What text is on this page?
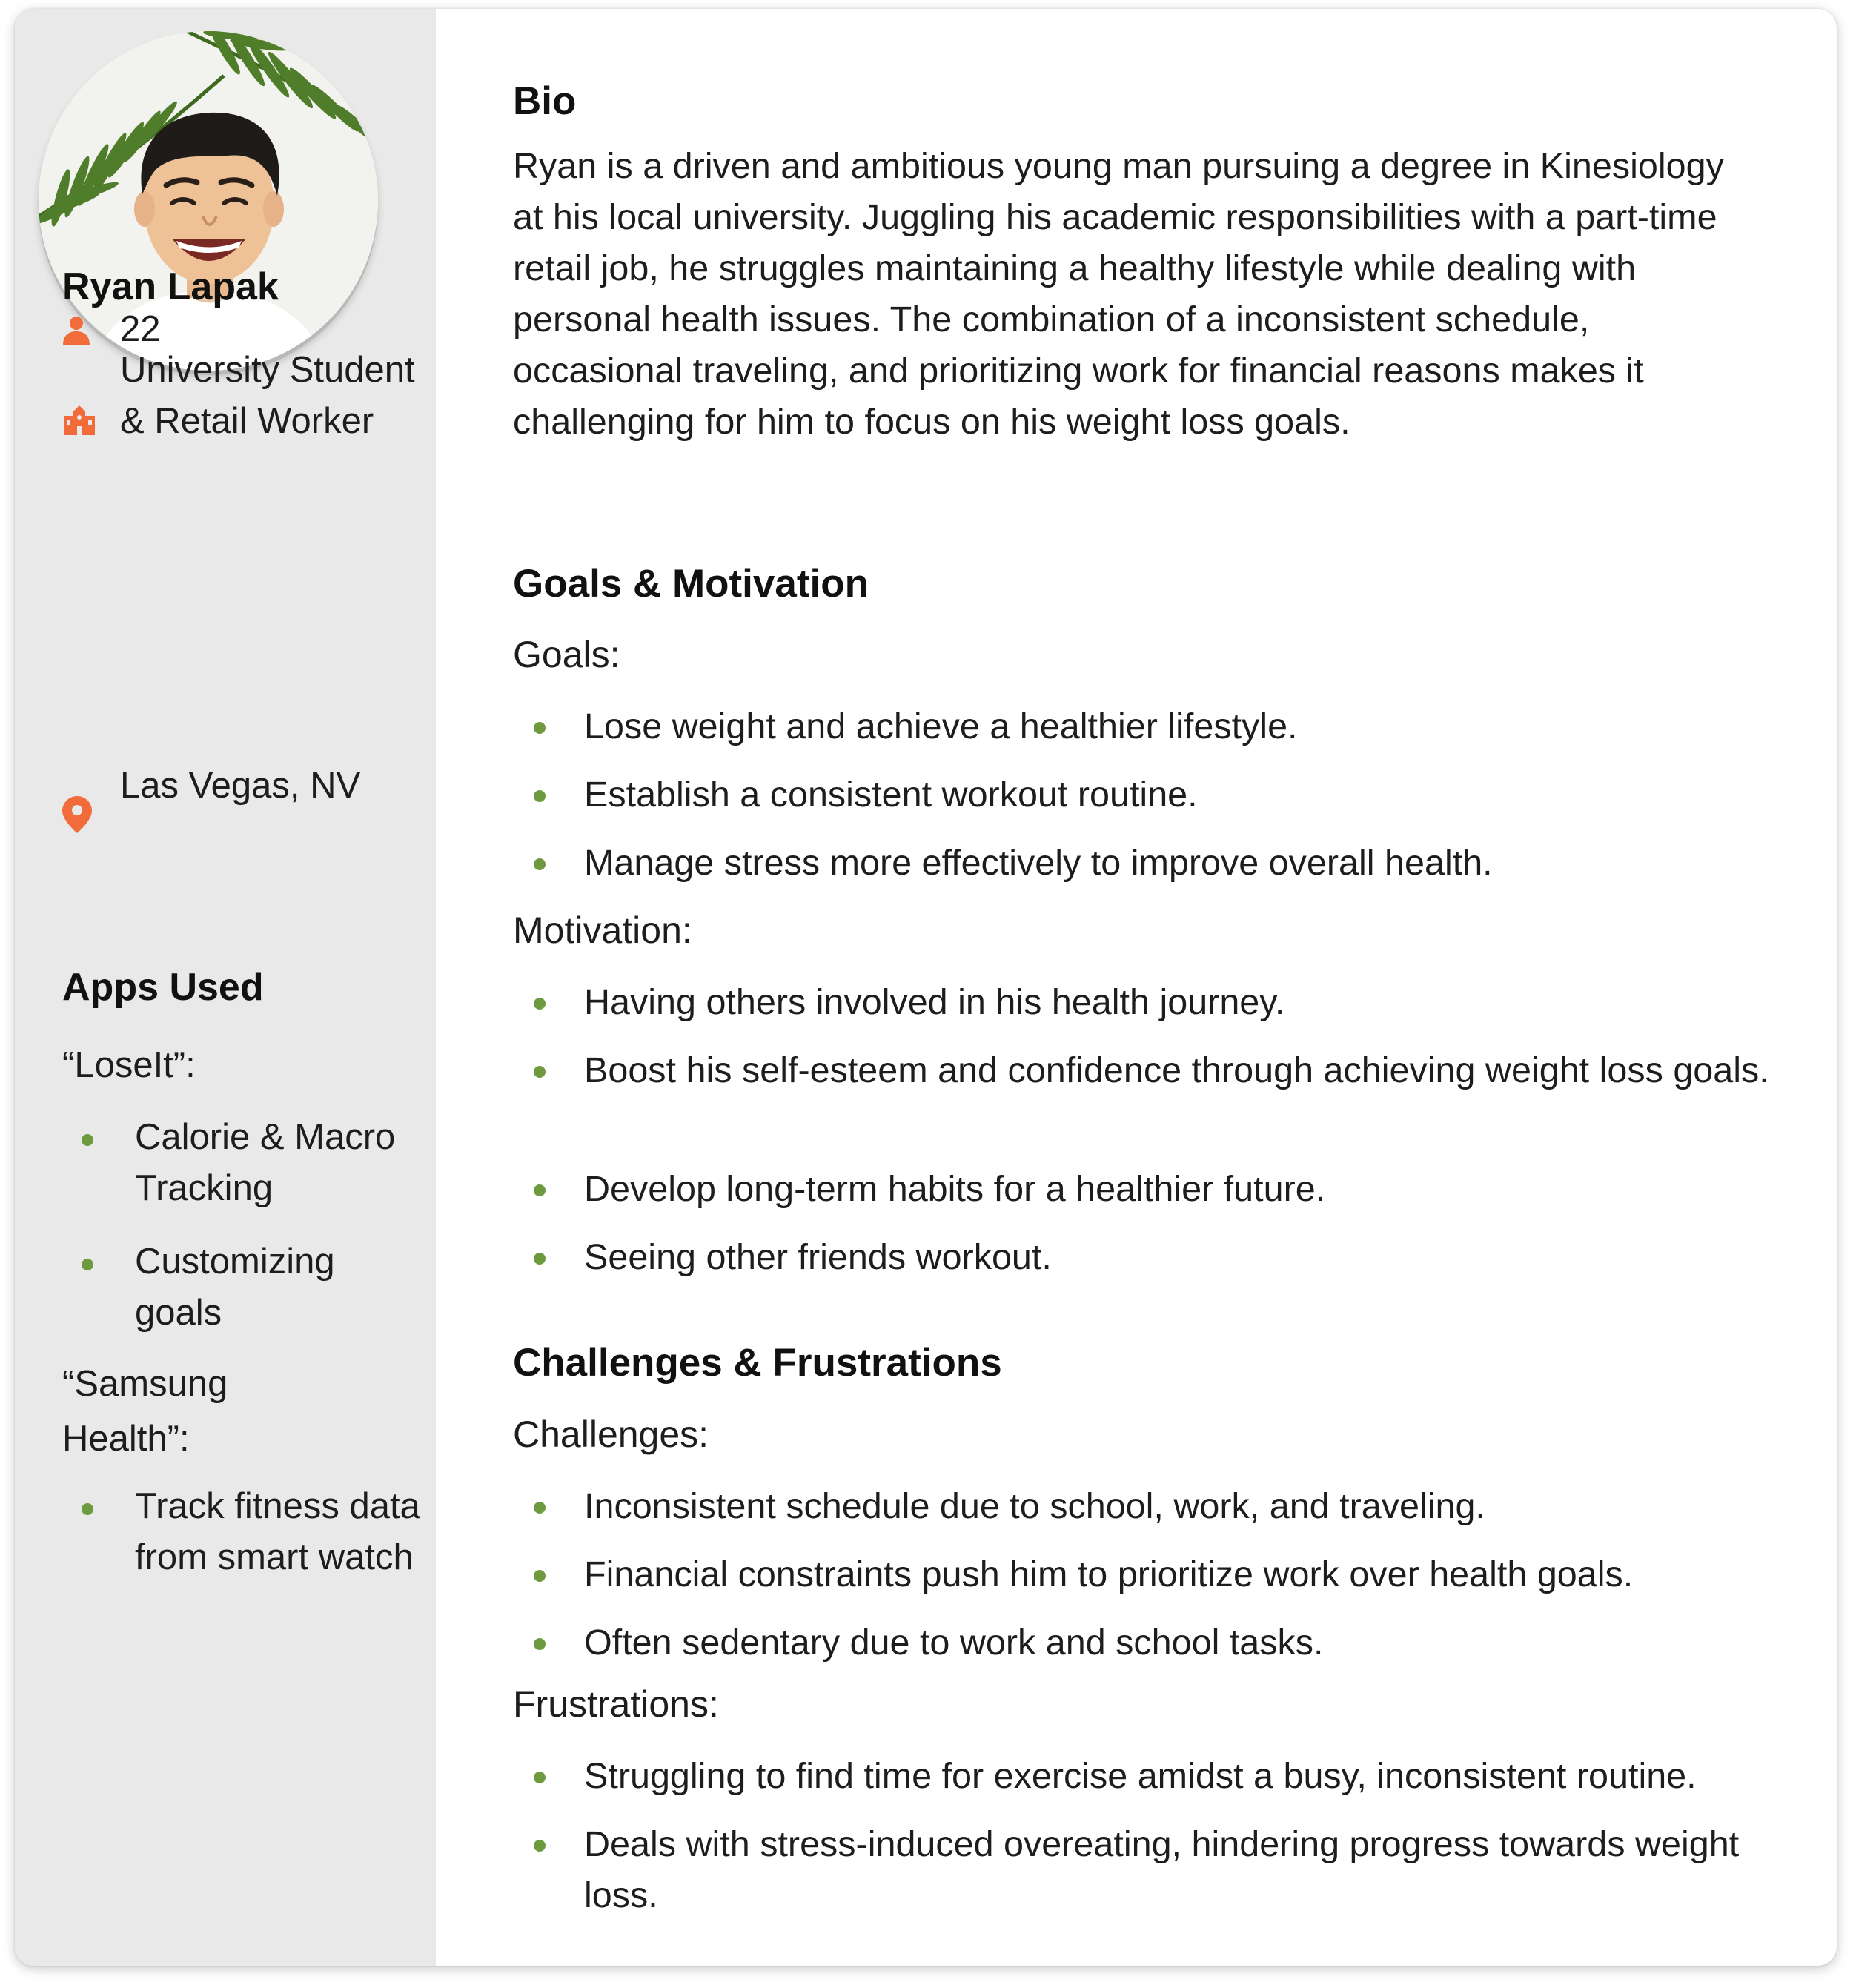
Ryan Lapak
22
University Student & Retail Worker
Las Vegas, NV
Apps Used
“LoseIt”:
Calorie & Macro Tracking
Customizing goals
“Samsung Health”:
Track fitness data from smart watch
Bio
Ryan is a driven and ambitious young man pursuing a degree in Kinesiology at his local university. Juggling his academic responsibilities with a part-time retail job, he struggles maintaining a healthy lifestyle while dealing with personal health issues. The combination of a inconsistent schedule, occasional traveling, and prioritizing work for financial reasons makes it challenging for him to focus on his weight loss goals.
Goals & Motivation
Goals:
Lose weight and achieve a healthier lifestyle.
Establish a consistent workout routine.
Manage stress more effectively to improve overall health.
Motivation:
Having others involved in his health journey.
Boost his self-esteem and confidence through achieving weight loss goals.
Develop long-term habits for a healthier future.
Seeing other friends workout.
Challenges & Frustrations
Challenges:
Inconsistent schedule due to school, work, and traveling.
Financial constraints push him to prioritize work over health goals.
Often sedentary due to work and school tasks.
Frustrations:
Struggling to find time for exercise amidst a busy, inconsistent routine.
Deals with stress-induced overeating, hindering progress towards weight loss.
